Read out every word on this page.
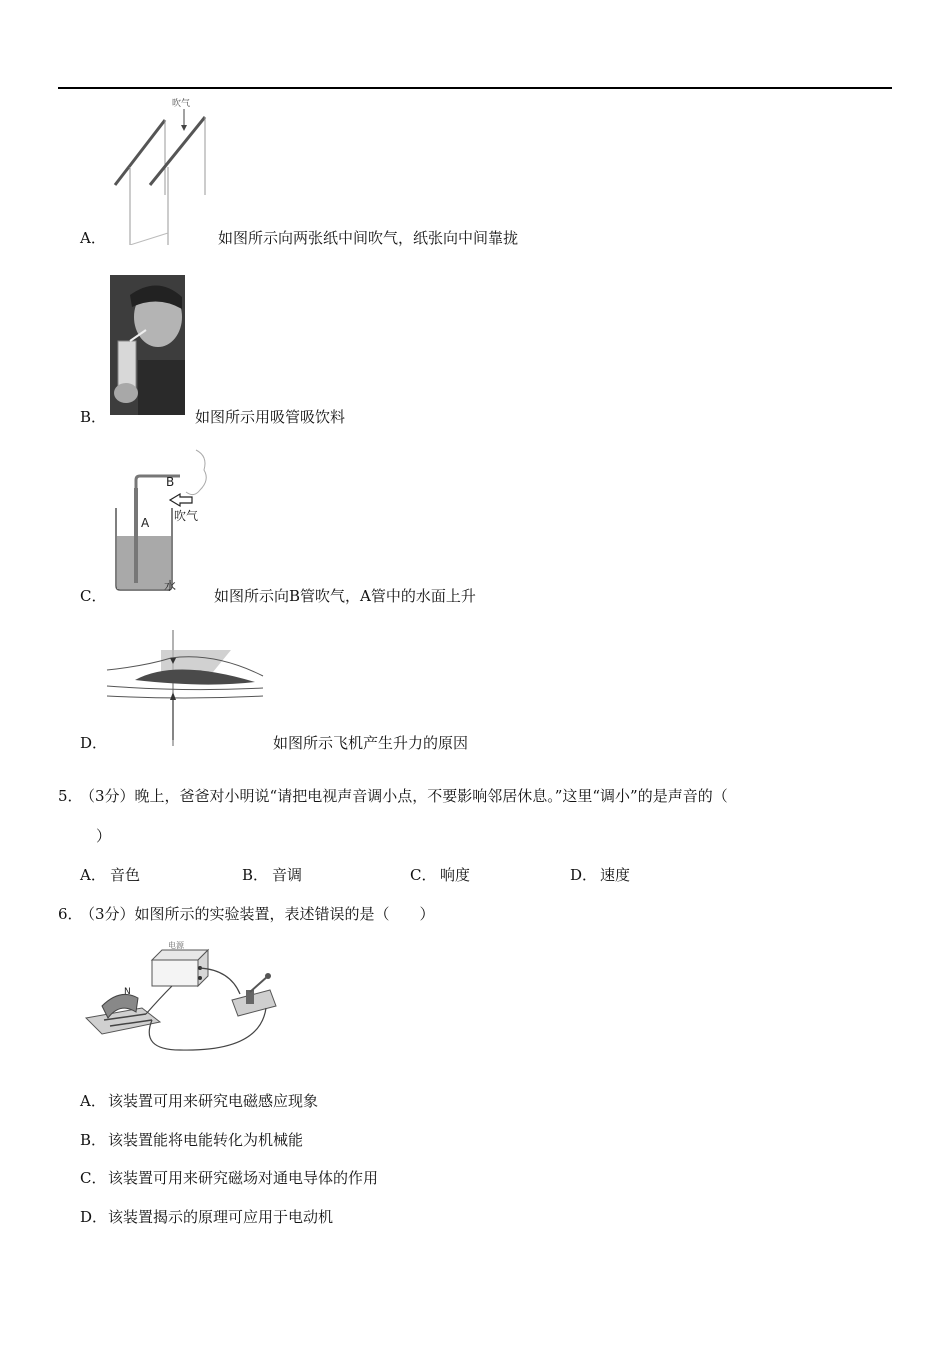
吹气
A．	如图所示向两张纸中间吹气，纸张向中间靠拢
B．	如图所示用吸管吸饮料
B
A 吹气
水
C．	如图所示向B管吹气，A管中的水面上升
D．	如图所示飞机产生升力的原因
5．
（3分）晚上，爸爸对小明说“请把电视声音调小点，不要影响邻居休息。”这里“调小”的是声音的（
）
A． 音色	B． 音调	C． 响度	D． 速度
6．
（3分）如图所示的实验装置，表述错误的是（　　）
电源
N
A． 该装置可用来研究电磁感应现象
B． 该装置能将电能转化为机械能
C． 该装置可用来研究磁场对通电导体的作用
D． 该装置揭示的原理可应用于电动机
